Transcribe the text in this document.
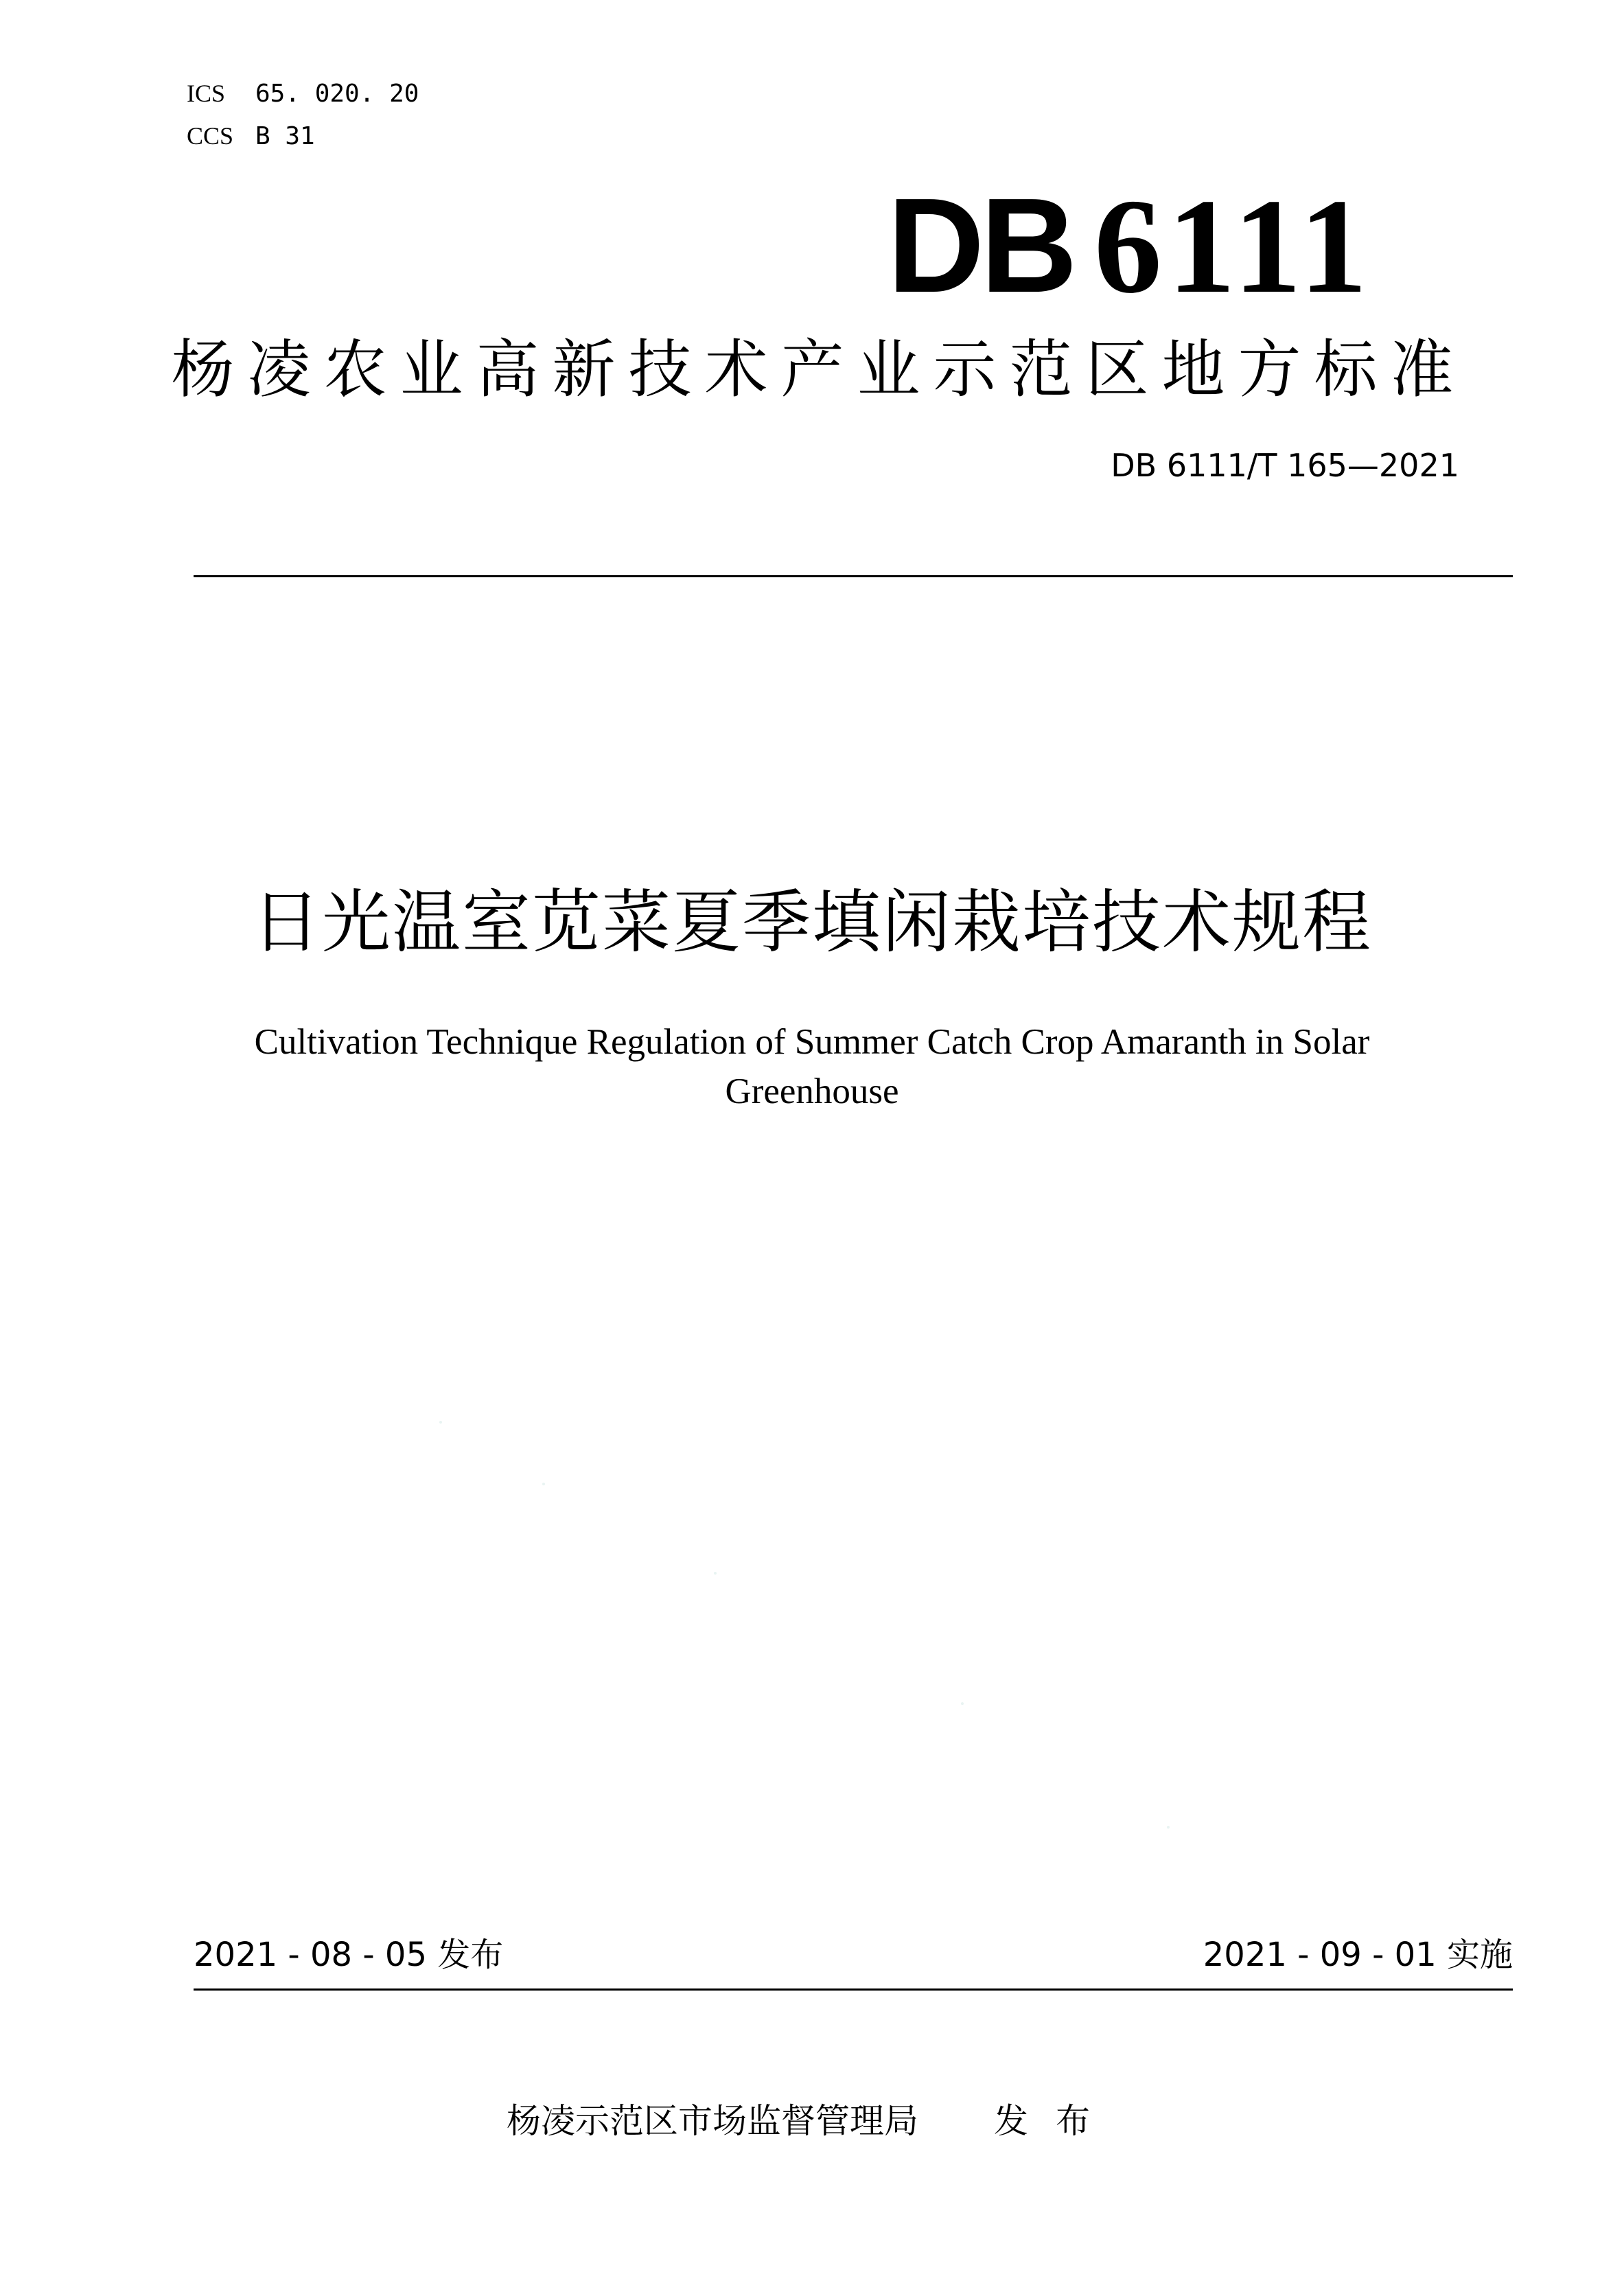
ICS 65. 020. 20
CCS B 31
DB 6111
杨凌农业高新技术产业示范区地方标准
DB 6111/T 165—2021
日光温室苋菜夏季填闲栽培技术规程
Cultivation Technique Regulation of Summer Catch Crop Amaranth in Solar Greenhouse
2021 - 08 - 05 发布	2021 - 09 - 01 实施
杨凌示范区市场监督管理局 发布
